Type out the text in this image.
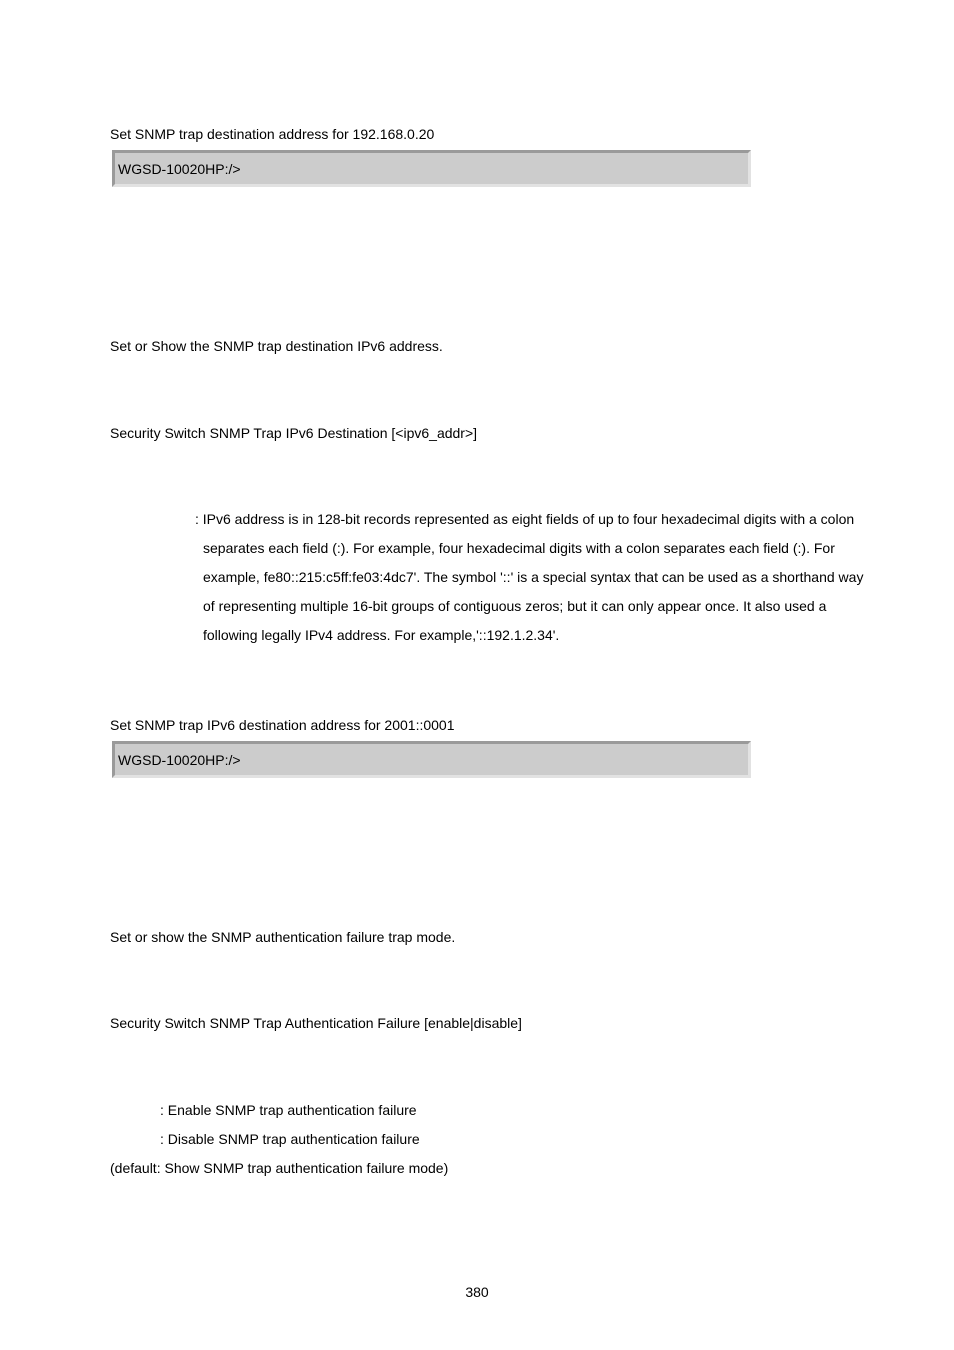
Set SNMP trap destination address for 192.168.0.20
WGSD-10020HP:/>
Set or Show the SNMP trap destination IPv6 address.
Security Switch SNMP Trap IPv6 Destination [<ipv6_addr>]
: IPv6 address is in 128-bit records represented as eight fields of up to four hexadecimal digits with a colon
separates each field (:). For example, four hexadecimal digits with a colon separates each field (:). For
example, fe80::215:c5ff:fe03:4dc7'. The symbol '::' is a special syntax that can be used as a shorthand way
of representing multiple 16-bit groups of contiguous zeros; but it can only appear once. It also used a
following legally IPv4 address. For example,'::192.1.2.34'.
Set SNMP trap IPv6 destination address for 2001::0001
WGSD-10020HP:/>
Set or show the SNMP authentication failure trap mode.
Security Switch SNMP Trap Authentication Failure [enable|disable]
: Enable SNMP trap authentication failure
: Disable SNMP trap authentication failure
(default: Show SNMP trap authentication failure mode)
380
